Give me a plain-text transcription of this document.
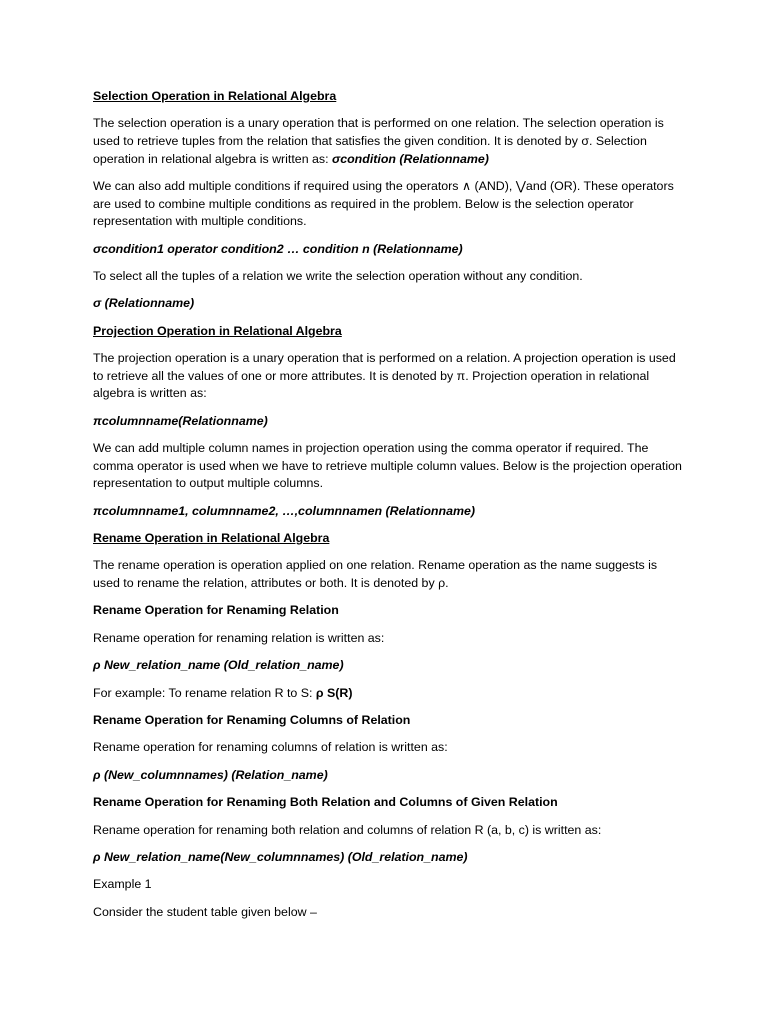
Selection Operation in Relational Algebra

The selection operation is a unary operation that is performed on one relation. The selection operation is used to retrieve tuples from the relation that satisfies the given condition. It is denoted by σ. Selection operation in relational algebra is written as: σcondition (Relationname)

We can also add multiple conditions if required using the operators ∧ (AND), ⋁and (OR). These operators are used to combine multiple conditions as required in the problem. Below is the selection operator representation with multiple conditions.

σcondition1 operator condition2 … condition n (Relationname)

To select all the tuples of a relation we write the selection operation without any condition.

σ (Relationname)

Projection Operation in Relational Algebra

The projection operation is a unary operation that is performed on a relation. A projection operation is used to retrieve all the values of one or more attributes. It is denoted by π. Projection operation in relational algebra is written as:

πcolumnname(Relationname)

We can add multiple column names in projection operation using the comma operator if required. The comma operator is used when we have to retrieve multiple column values. Below is the projection operation representation to output multiple columns.

πcolumnname1, columnname2, …,columnnamen (Relationname)

Rename Operation in Relational Algebra

The rename operation is operation applied on one relation. Rename operation as the name suggests is used to rename the relation, attributes or both. It is denoted by ρ.

Rename Operation for Renaming Relation

Rename operation for renaming relation is written as:

ρ New_relation_name (Old_relation_name)

For example: To rename relation R to S: ρ S(R)

Rename Operation for Renaming Columns of Relation

Rename operation for renaming columns of relation is written as:

ρ (New_columnnames) (Relation_name)

Rename Operation for Renaming Both Relation and Columns of Given Relation

Rename operation for renaming both relation and columns of relation R (a, b, c) is written as:

ρ New_relation_name(New_columnnames) (Old_relation_name)

Example 1

Consider the student table given below –
